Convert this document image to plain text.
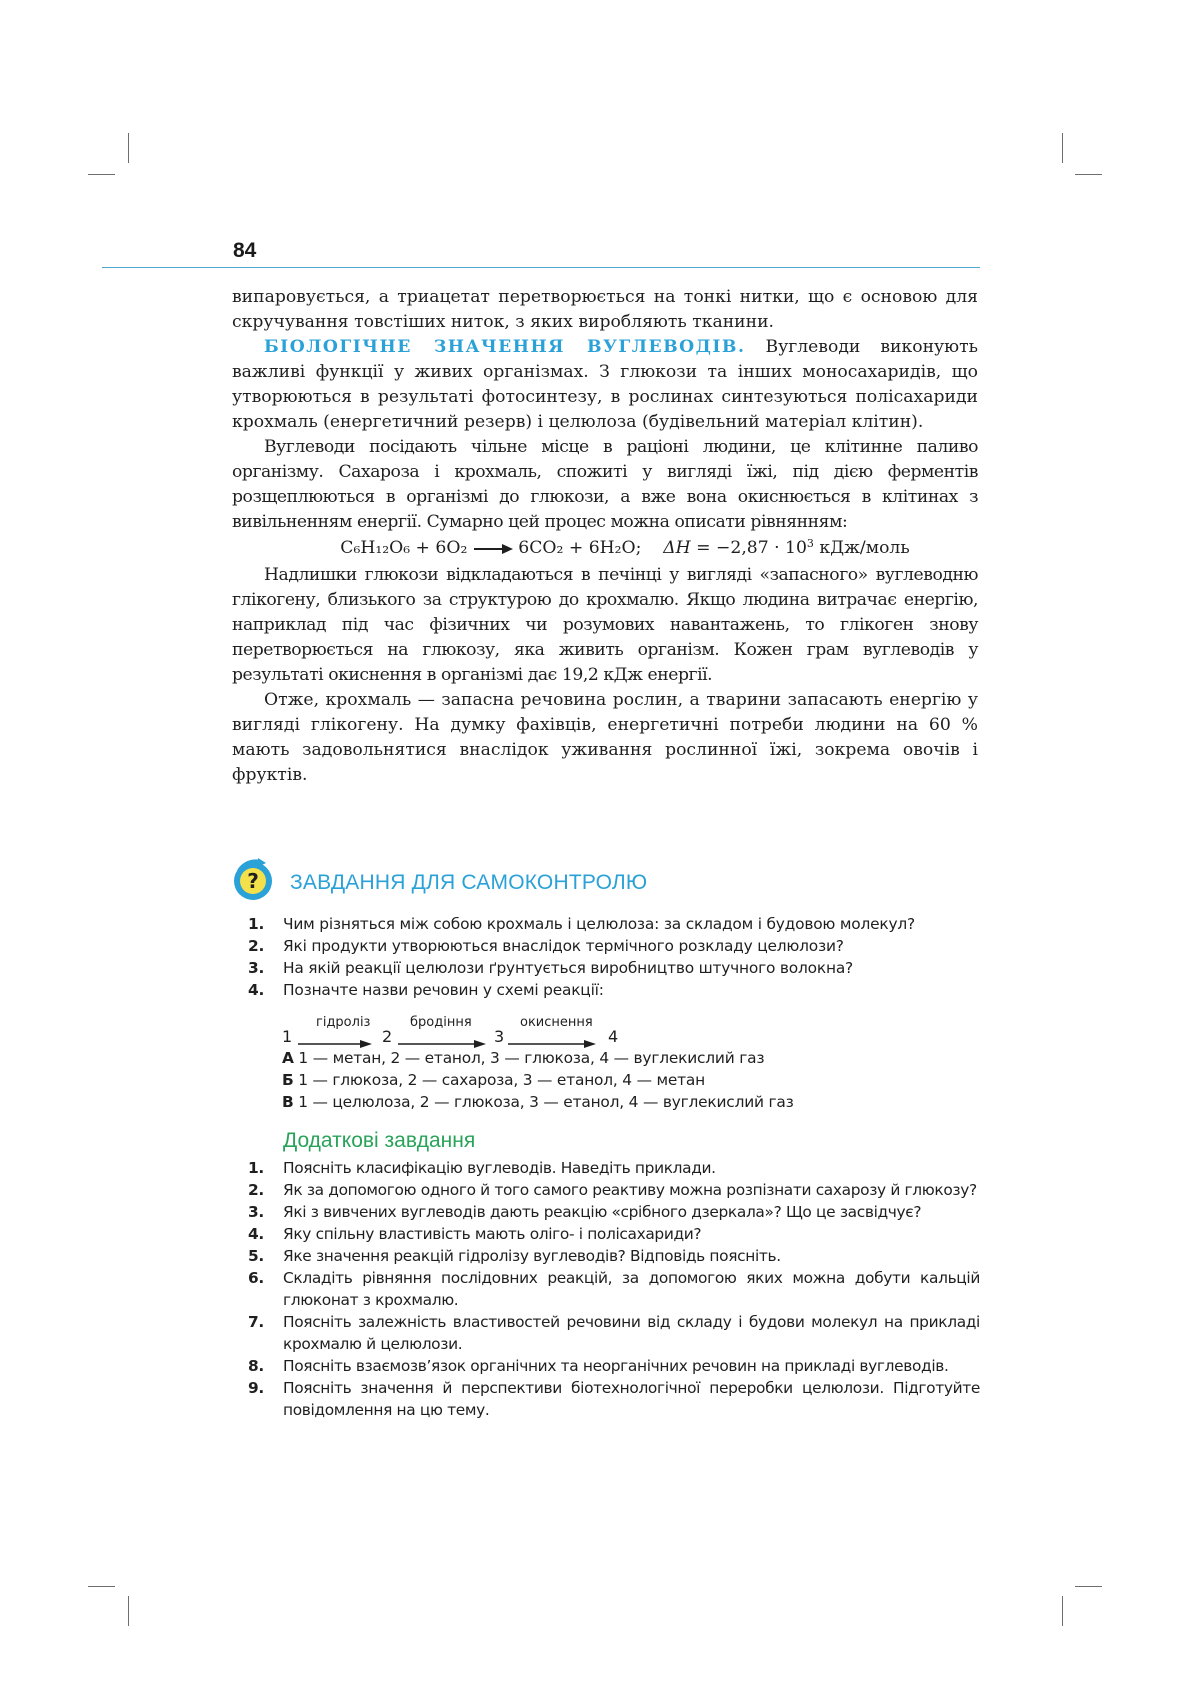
84

випаровується, а триацетат перетворюється на тонкі нитки, що є основою для скручування товстіших ниток, з яких виробляють тканини.

БІОЛОГІЧНЕ ЗНАЧЕННЯ ВУГЛЕВОДІВ. Вуглеводи виконують важливі функції у живих організмах. З глюкози та інших моносахаридів, що утворюються в результаті фотосинтезу, в рослинах синтезуються полісахариди крохмаль (енергетичний резерв) і целюлоза (будівельний матеріал клітин).

Вуглеводи посідають чільне місце в раціоні людини, це клітинне паливо організму. Сахароза і крохмаль, спожиті у вигляді їжі, під дією ферментів розщеплюються в організмі до глюкози, а вже вона окиснюється в клітинах з вивільненням енергії. Сумарно цей процес можна описати рівнянням:

C₆H₁₂O₆ + 6O₂ → 6CO₂ + 6H₂O; $\Delta H = -2,87 \cdot 10^3$ кДж/моль

Надлишки глюкози відкладаються в печінці у вигляді «запасного» вуглеводню глікогену, близького за структурою до крохмалю. Якщо людина витрачає енергію, наприклад під час фізичних чи розумових навантажень, то глікоген знову перетворюється на глюкозу, яка живить організм. Кожен грам вуглеводів у результаті окиснення в організмі дає 19,2 кДж енергії.

Отже, крохмаль — запасна речовина рослин, а тварини запасають енергію у вигляді глікогену. На думку фахівців, енергетичні потреби людини на 60 % мають задовольнятися внаслідок уживання рослинної їжі, зокрема овочів і фруктів.

? ЗАВДАННЯ ДЛЯ САМОКОНТРОЛЮ
1. Чим різняться між собою крохмаль і целюлоза: за складом і будовою молекул?
2. Які продукти утворюються внаслідок термічного розкладу целюлози?
3. На якій реакції целюлози ґрунтується виробництво штучного волокна?
4. Позначте назви речовин у схемі реакції:
1
гідроліз
2
бродіння
3
окиснення
4
А 1 — метан, 2 — етанол, 3 — глюкоза, 4 — вуглекислий газ
Б 1 — глюкоза, 2 — сахароза, 3 — етанол, 4 — метан
В 1 — целюлоза, 2 — глюкоза, 3 — етанол, 4 — вуглекислий газ
Додаткові завдання
1. Поясніть класифікацію вуглеводів. Наведіть приклади.
2. Як за допомогою одного й того самого реактиву можна розпізнати сахарозу й глюкозу?
3. Які з вивчених вуглеводів дають реакцію «срібного дзеркала»? Що це засвідчує?
4. Яку спільну властивість мають оліго- і полісахариди?
5. Яке значення реакцій гідролізу вуглеводів? Відповідь поясніть.
6. Складіть рівняння послідовних реакцій, за допомогою яких можна добути кальцій глюконат з крохмалю.
7. Поясніть залежність властивостей речовини від складу і будови молекул на прикладі крохмалю й целюлози.
8. Поясніть взаємозв’язок органічних та неорганічних речовин на прикладі вуглеводів.
9. Поясніть значення й перспективи біотехнологічної переробки целюлози. Підготуйте повідомлення на цю тему.
